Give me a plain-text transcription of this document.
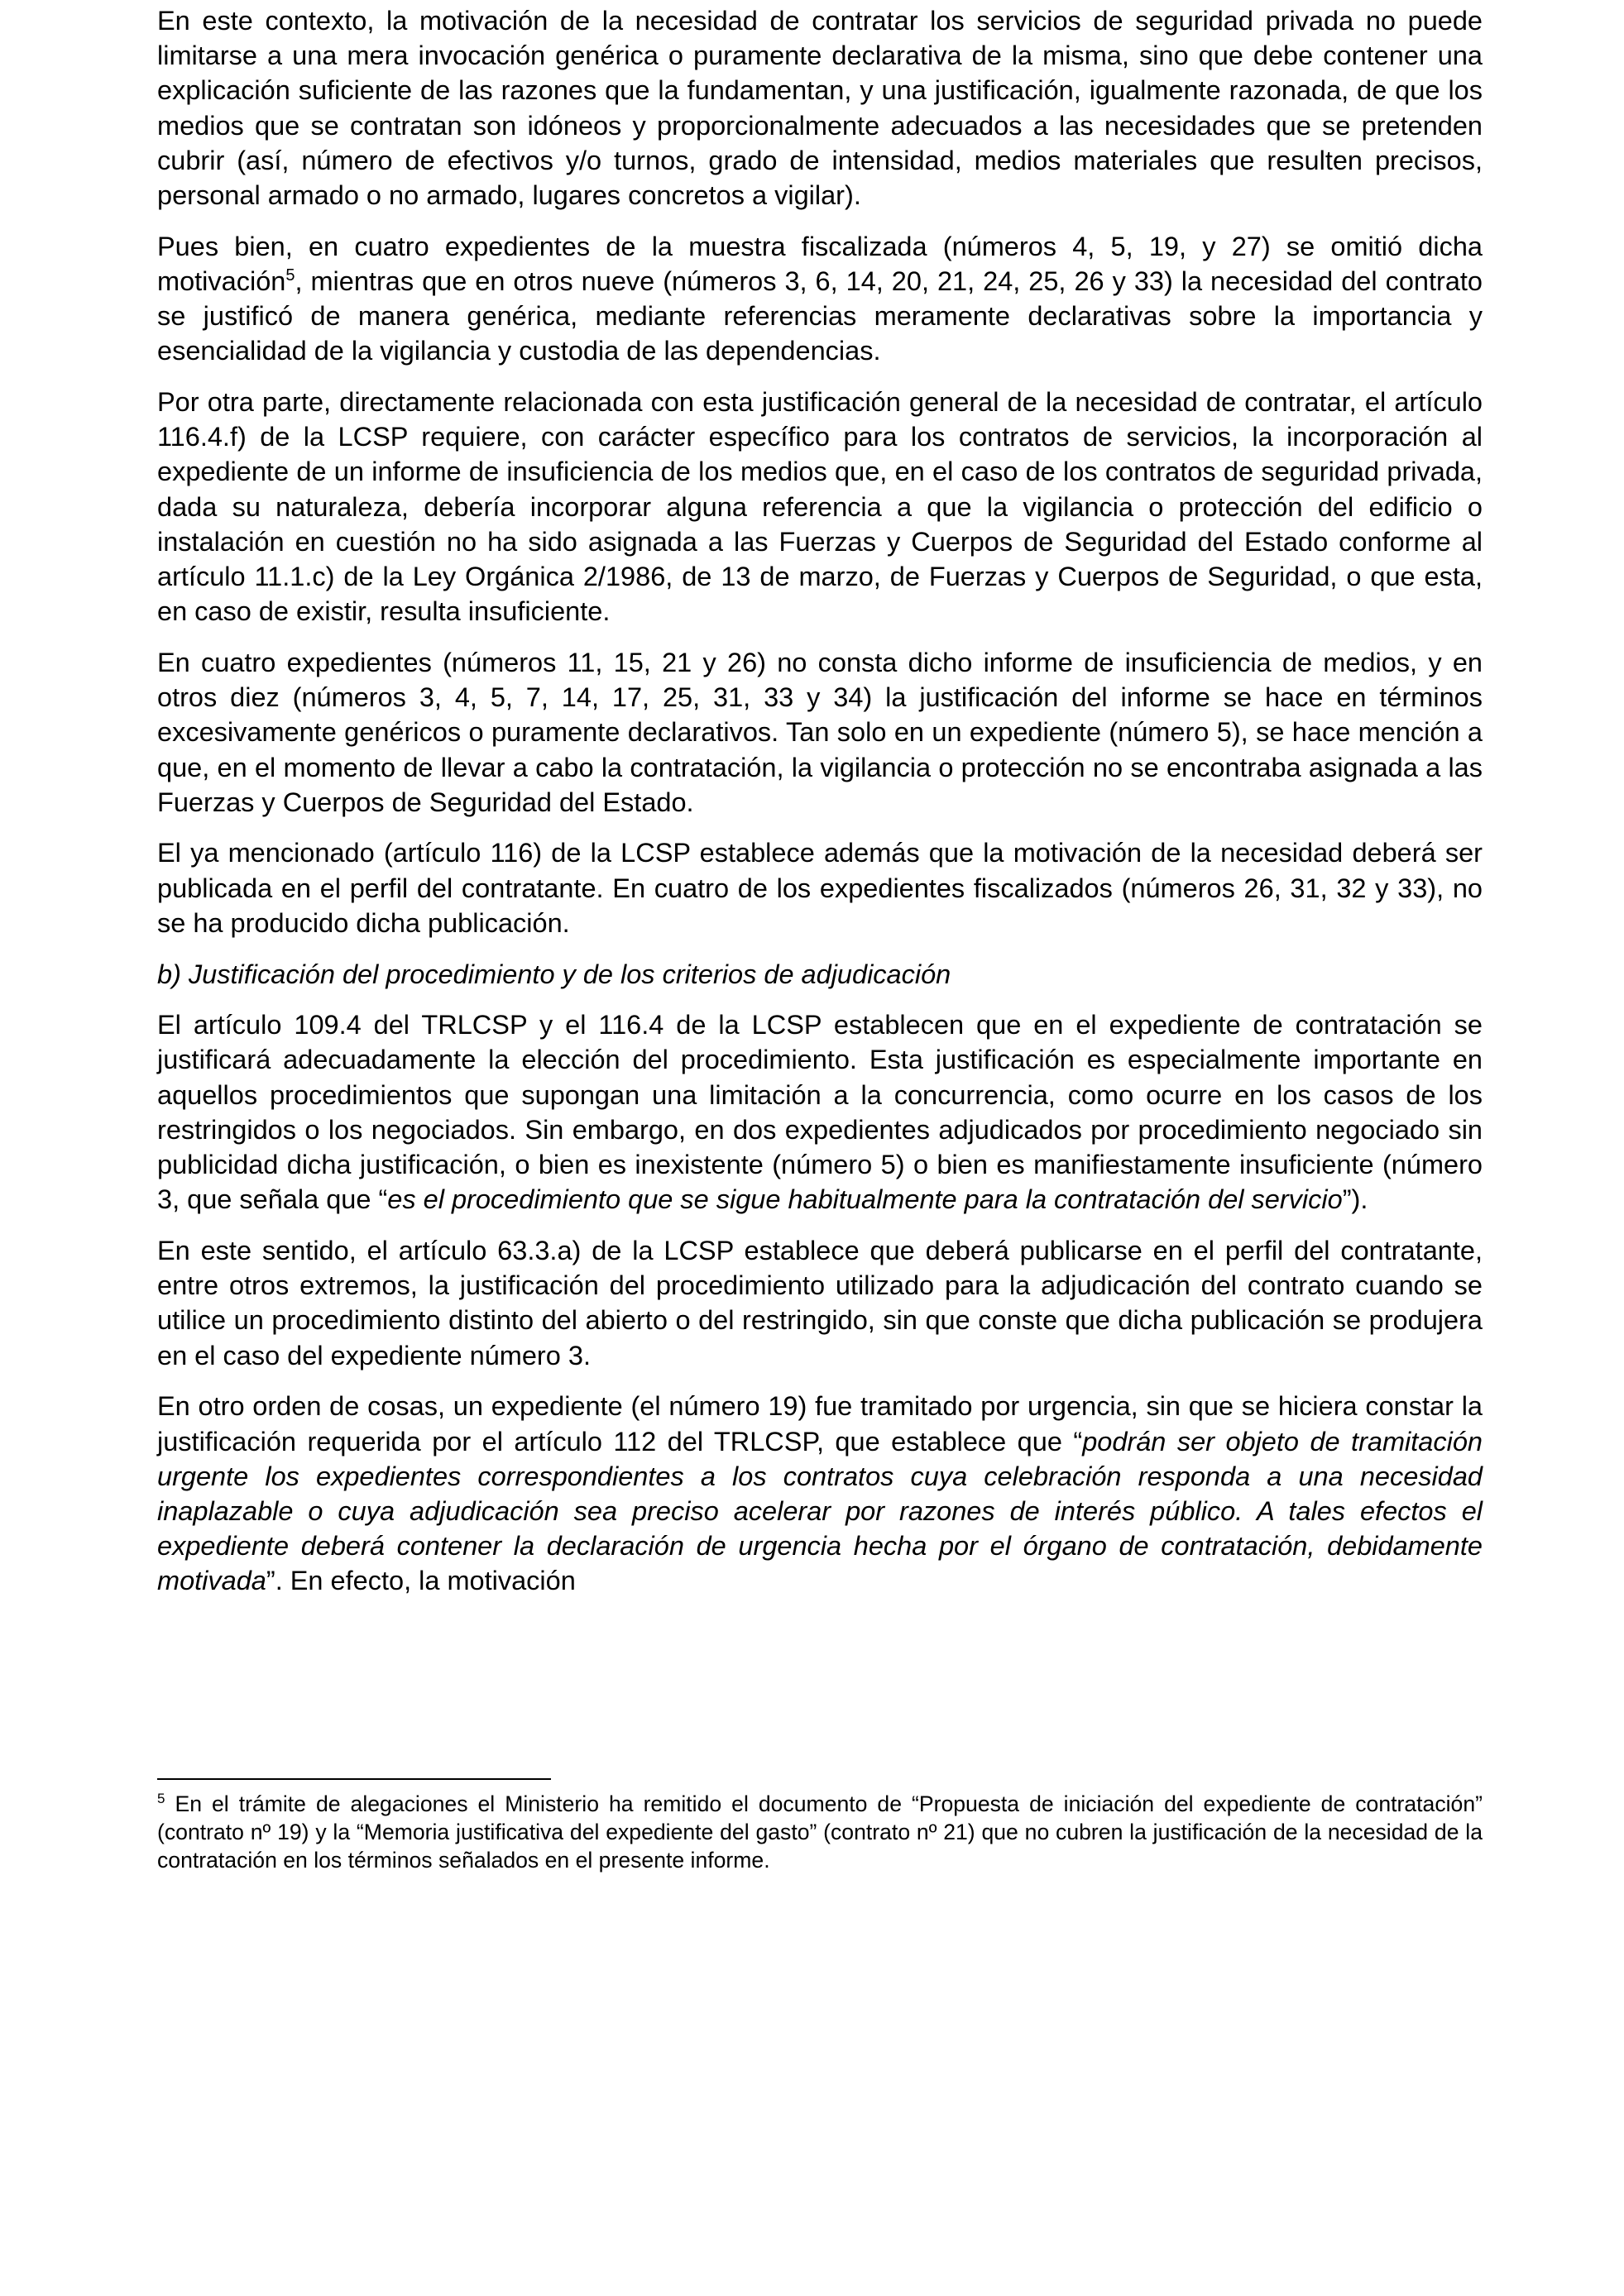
En este contexto, la motivación de la necesidad de contratar los servicios de seguridad privada no puede limitarse a una mera invocación genérica o puramente declarativa de la misma, sino que debe contener una explicación suficiente de las razones que la fundamentan, y una justificación, igualmente razonada, de que los medios que se contratan son idóneos y proporcionalmente adecuados a las necesidades que se pretenden cubrir (así, número de efectivos y/o turnos, grado de intensidad, medios materiales que resulten precisos, personal armado o no armado, lugares concretos a vigilar).

Pues bien, en cuatro expedientes de la muestra fiscalizada (números 4, 5, 19, y 27) se omitió dicha motivación$^5$, mientras que en otros nueve (números 3, 6, 14, 20, 21, 24, 25, 26 y 33) la necesidad del contrato se justificó de manera genérica, mediante referencias meramente declarativas sobre la importancia y esencialidad de la vigilancia y custodia de las dependencias.

Por otra parte, directamente relacionada con esta justificación general de la necesidad de contratar, el artículo 116.4.f) de la LCSP requiere, con carácter específico para los contratos de servicios, la incorporación al expediente de un informe de insuficiencia de los medios que, en el caso de los contratos de seguridad privada, dada su naturaleza, debería incorporar alguna referencia a que la vigilancia o protección del edificio o instalación en cuestión no ha sido asignada a las Fuerzas y Cuerpos de Seguridad del Estado conforme al artículo 11.1.c) de la Ley Orgánica 2/1986, de 13 de marzo, de Fuerzas y Cuerpos de Seguridad, o que esta, en caso de existir, resulta insuficiente.

En cuatro expedientes (números 11, 15, 21 y 26) no consta dicho informe de insuficiencia de medios, y en otros diez (números 3, 4, 5, 7, 14, 17, 25, 31, 33 y 34) la justificación del informe se hace en términos excesivamente genéricos o puramente declarativos. Tan solo en un expediente (número 5), se hace mención a que, en el momento de llevar a cabo la contratación, la vigilancia o protección no se encontraba asignada a las Fuerzas y Cuerpos de Seguridad del Estado.

El ya mencionado (artículo 116) de la LCSP establece además que la motivación de la necesidad deberá ser publicada en el perfil del contratante. En cuatro de los expedientes fiscalizados (números 26, 31, 32 y 33), no se ha producido dicha publicación.

b) Justificación del procedimiento y de los criterios de adjudicación

El artículo 109.4 del TRLCSP y el 116.4 de la LCSP establecen que en el expediente de contratación se justificará adecuadamente la elección del procedimiento. Esta justificación es especialmente importante en aquellos procedimientos que supongan una limitación a la concurrencia, como ocurre en los casos de los restringidos o los negociados. Sin embargo, en dos expedientes adjudicados por procedimiento negociado sin publicidad dicha justificación, o bien es inexistente (número 5) o bien es manifiestamente insuficiente (número 3, que señala que “es el procedimiento que se sigue habitualmente para la contratación del servicio”).

En este sentido, el artículo 63.3.a) de la LCSP establece que deberá publicarse en el perfil del contratante, entre otros extremos, la justificación del procedimiento utilizado para la adjudicación del contrato cuando se utilice un procedimiento distinto del abierto o del restringido, sin que conste que dicha publicación se produjera en el caso del expediente número 3.

En otro orden de cosas, un expediente (el número 19) fue tramitado por urgencia, sin que se hiciera constar la justificación requerida por el artículo 112 del TRLCSP, que establece que “podrán ser objeto de tramitación urgente los expedientes correspondientes a los contratos cuya celebración responda a una necesidad inaplazable o cuya adjudicación sea preciso acelerar por razones de interés público. A tales efectos el expediente deberá contener la declaración de urgencia hecha por el órgano de contratación, debidamente motivada”. En efecto, la motivación

$^5$ En el trámite de alegaciones el Ministerio ha remitido el documento de “Propuesta de iniciación del expediente de contratación” (contrato nº 19) y la “Memoria justificativa del expediente del gasto” (contrato nº 21) que no cubren la justificación de la necesidad de la contratación en los términos señalados en el presente informe.
